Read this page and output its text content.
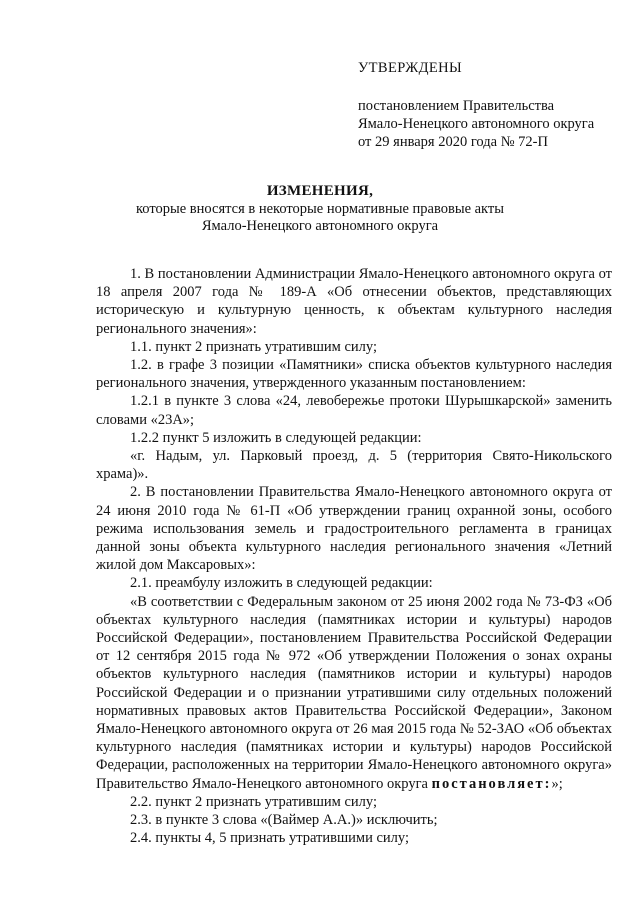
УТВЕРЖДЕНЫ
постановлением Правительства
Ямало-Ненецкого автономного округа
от 29 января 2020 года № 72-П
ИЗМЕНЕНИЯ,
которые вносятся в некоторые нормативные правовые акты
Ямало-Ненецкого автономного округа

1. В постановлении Администрации Ямало-Ненецкого автономного округа от 18 апреля 2007 года № 189-А «Об отнесении объектов, представляющих историческую и культурную ценность, к объектам культурного наследия регионального значения»:

1.1. пункт 2 признать утратившим силу;

1.2. в графе 3 позиции «Памятники» списка объектов культурного наследия регионального значения, утвержденного указанным постановлением:

1.2.1 в пункте 3 слова «24, левобережье протоки Шурышкарской» заменить словами «23А»;

1.2.2 пункт 5 изложить в следующей редакции:

«г. Надым, ул. Парковый проезд, д. 5 (территория Свято-Никольского храма)».

2. В постановлении Правительства Ямало-Ненецкого автономного округа от 24 июня 2010 года № 61-П «Об утверждении границ охранной зоны, особого режима использования земель и градостроительного регламента в границах данной зоны объекта культурного наследия регионального значения «Летний жилой дом Максаровых»:

2.1. преамбулу изложить в следующей редакции:

«В соответствии с Федеральным законом от 25 июня 2002 года № 73-ФЗ «Об объектах культурного наследия (памятниках истории и культуры) народов Российской Федерации», постановлением Правительства Российской Федерации от 12 сентября 2015 года № 972 «Об утверждении Положения о зонах охраны объектов культурного наследия (памятников истории и культуры) народов Российской Федерации и о признании утратившими силу отдельных положений нормативных правовых актов Правительства Российской Федерации», Законом Ямало-Ненецкого автономного округа от 26 мая 2015 года № 52-ЗАО «Об объектах культурного наследия (памятниках истории и культуры) народов Российской Федерации, расположенных на территории Ямало-Ненецкого автономного округа» Правительство Ямало-Ненецкого автономного округа постановляет:»;

2.2. пункт 2 признать утратившим силу;

2.3. в пункте 3 слова «(Ваймер А.А.)» исключить;

2.4. пункты 4, 5 признать утратившими силу;
